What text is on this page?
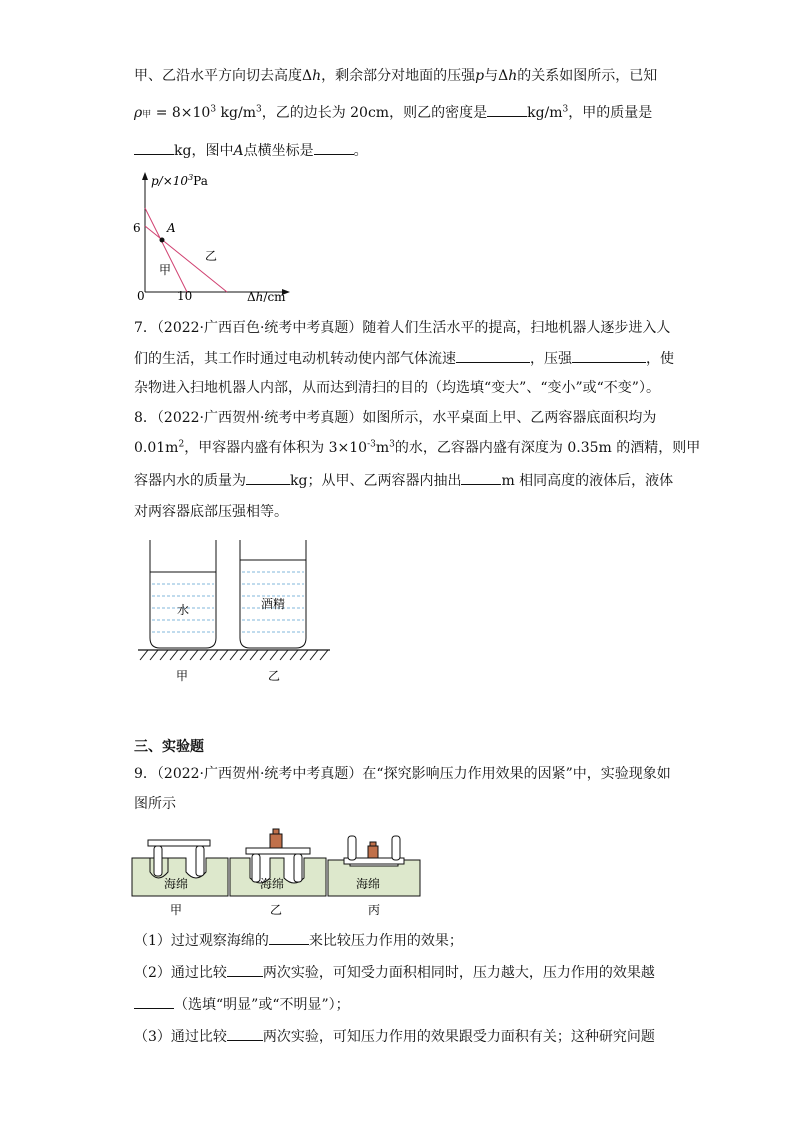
甲、乙沿水平方向切去高度Δh，剩余部分对地面的压强p与Δh的关系如图所示，已知
ρ甲 = $8\times 10^3$ $kg/m^3$，乙的边长为 20cm，则乙的密度是	$kg/m^3$，甲的质量是
kg，图中A点横坐标是	。
$p/\times 10^3Pa$
6
0	10	Δh/cm
A
甲
乙
7．（2022·广西百色·统考中考真题）随着人们生活水平的提高，扫地机器人逐步进入人
们的生活，其工作时通过电动机转动使内部气体流速	，压强	，使
杂物进入扫地机器人内部，从而达到清扫的目的（均选填“变大”、“变小”或“不变”）。
8．（2022·广西贺州·统考中考真题）如图所示，水平桌面上甲、乙两容器底面积均为
$0.01m^2$，甲容器内盛有体积为 $3\times 10^{-3}m^3$的水，乙容器内盛有深度为 0.35m 的酒精，则甲
容器内水的质量为	kg；从甲、乙两容器内抽出	m 相同高度的液体后，液体
对两容器底部压强相等。
水	酒精
甲	乙
三、实验题
9．（2022·广西贺州·统考中考真题）在“探究影响压力作用效果的因紧”中，实验现象如
图所示
海绵
甲
海绵
乙
海绵
丙
（1）过过观察海绵的	来比较压力作用的效果；
（2）通过比较	两次实验，可知受力面积相同时，压力越大，压力作用的效果越
（选填“明显”或“不明显”）；
（3）通过比较	两次实验，可知压力作用的效果跟受力面积有关；这种研究问题
